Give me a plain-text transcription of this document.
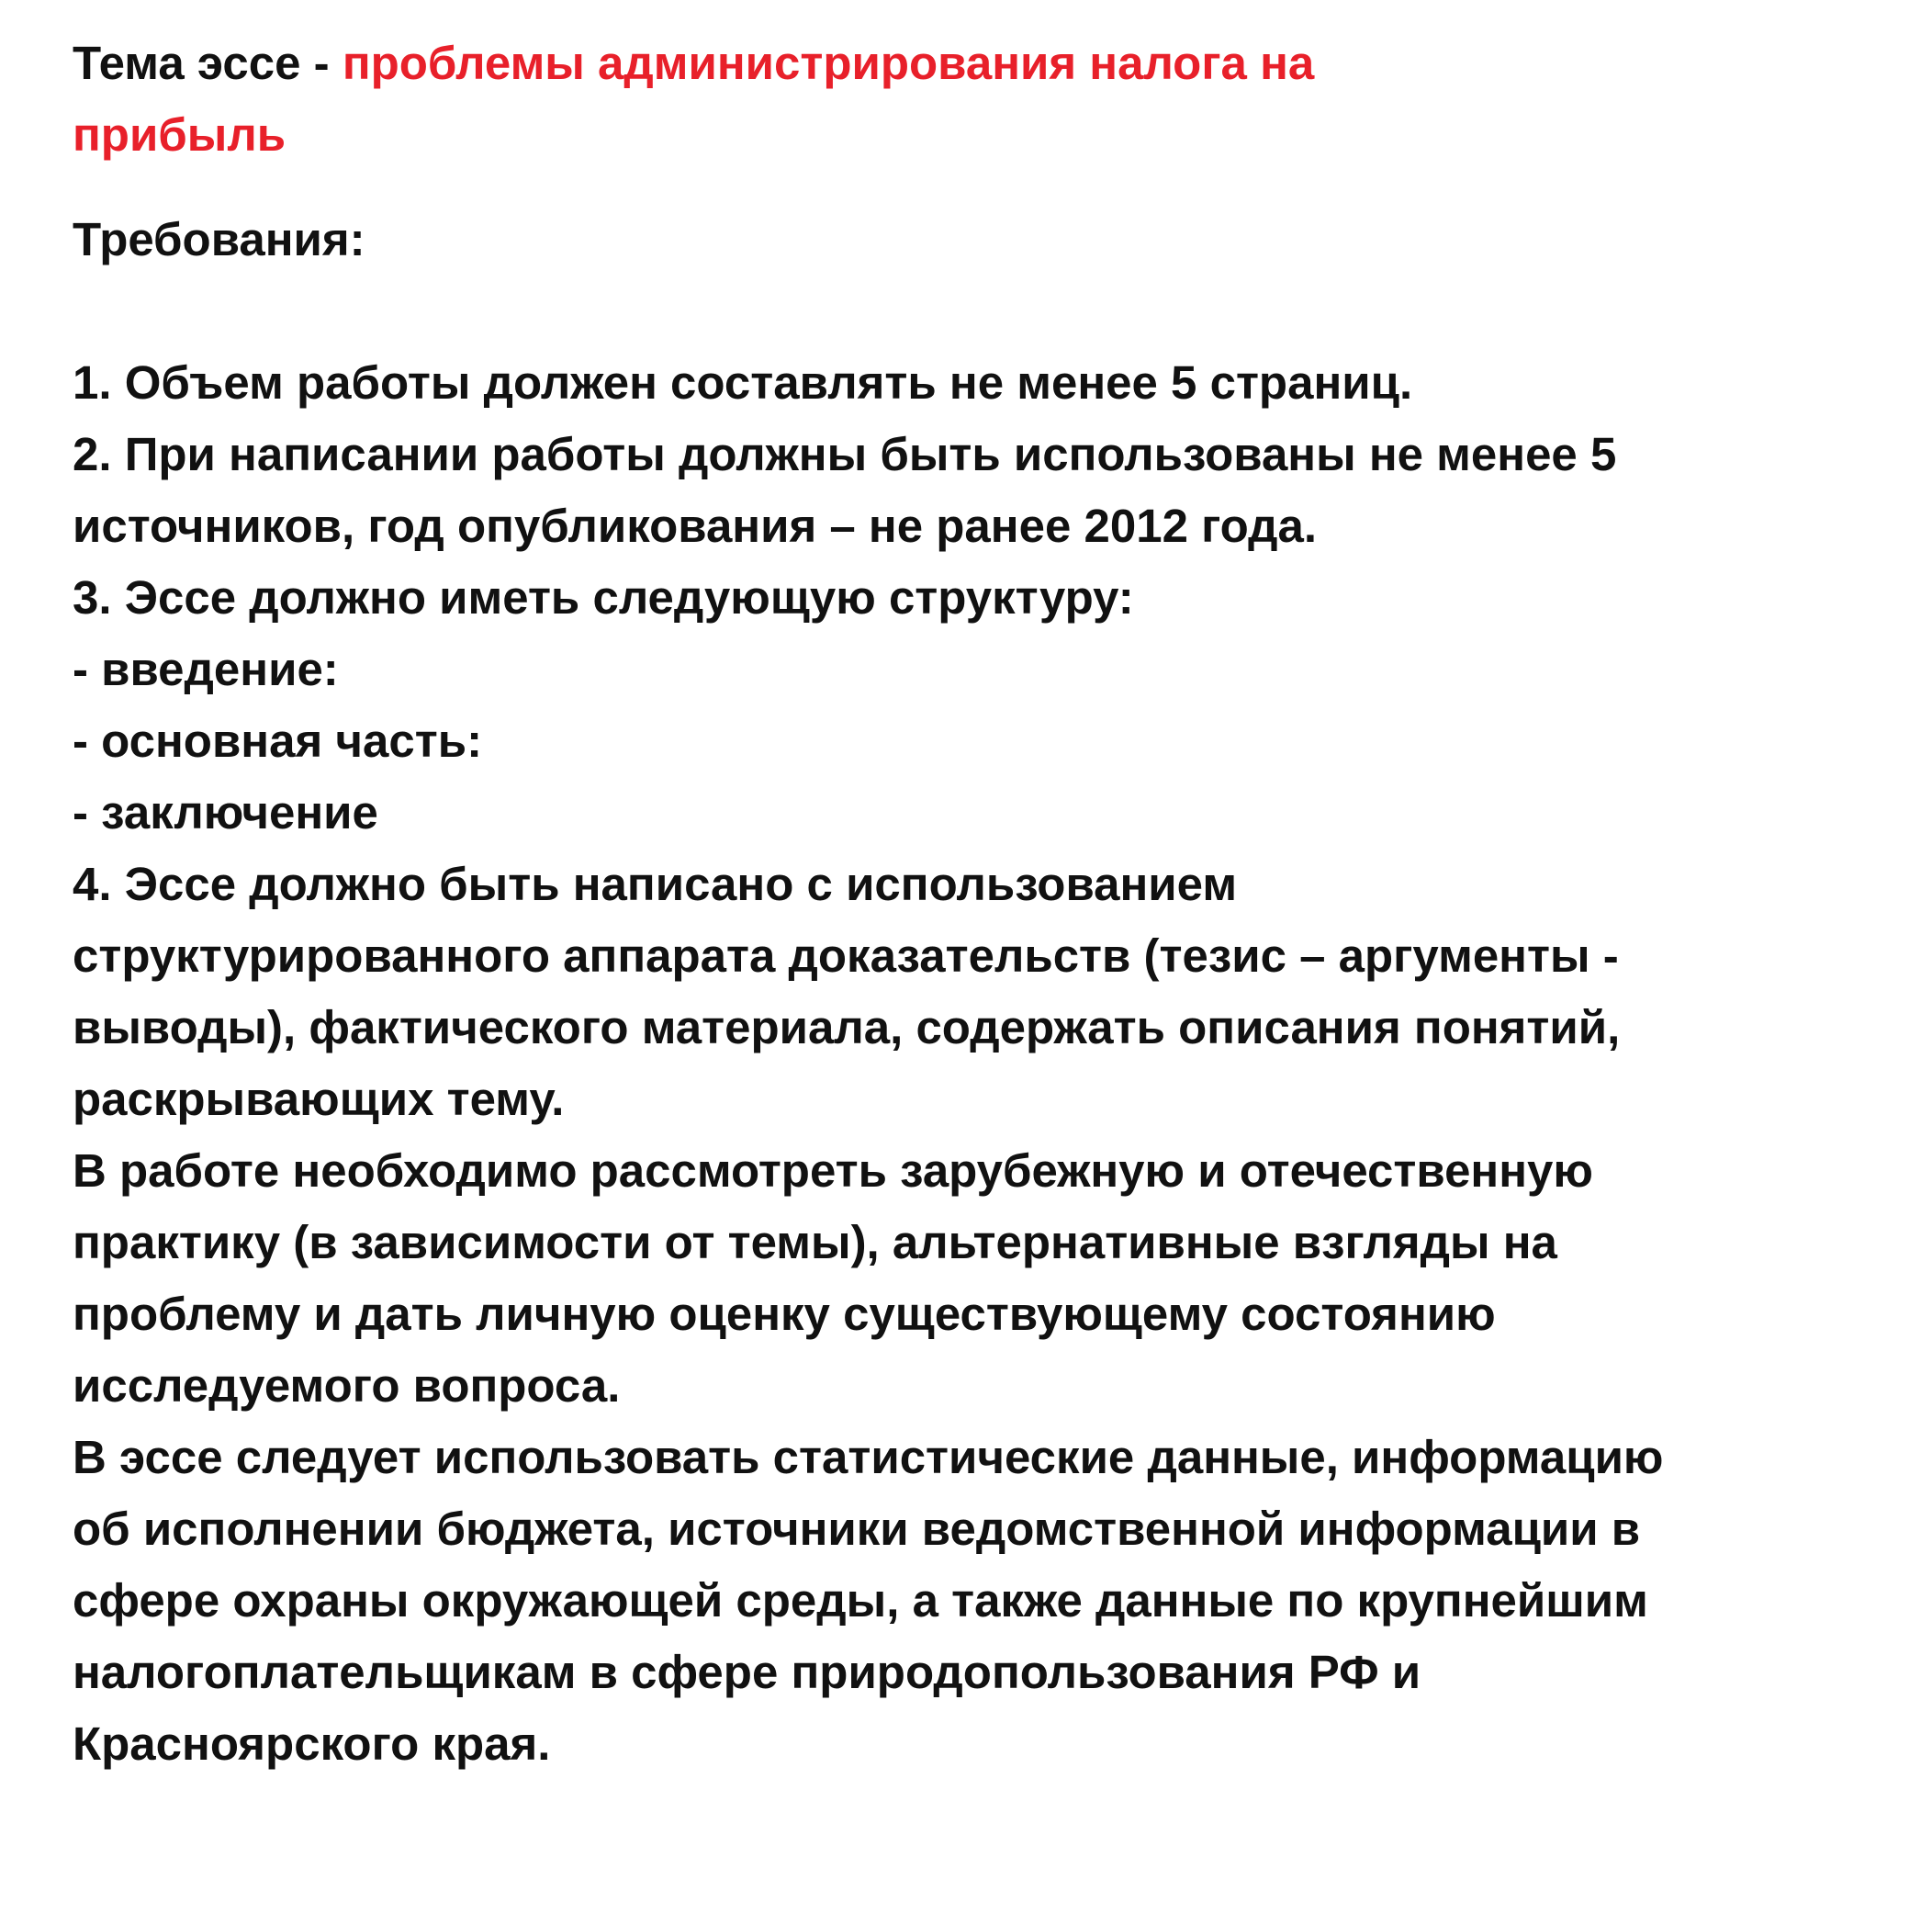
Тема эссе - проблемы администрирования налога на

прибыль

Требования:

1. Объем работы должен составлять не менее 5 страниц.

2. При написании работы должны быть использованы не менее 5

источников, год опубликования – не ранее 2012 года.

3. Эссе должно иметь следующую структуру:

- введение:

- основная часть:

- заключение

4. Эссе должно быть написано с использованием

структурированного аппарата доказательств (тезис – аргументы -

выводы), фактического материала, содержать описания понятий,

раскрывающих тему.

В работе необходимо рассмотреть зарубежную и отечественную

практику (в зависимости от темы), альтернативные взгляды на

проблему и дать личную оценку существующему состоянию

исследуемого вопроса.

В эссе следует использовать статистические данные, информацию

об исполнении бюджета, источники ведомственной информации в

сфере охраны окружающей среды, а также данные по крупнейшим

налогоплательщикам в сфере природопользования РФ и

Красноярского края.
